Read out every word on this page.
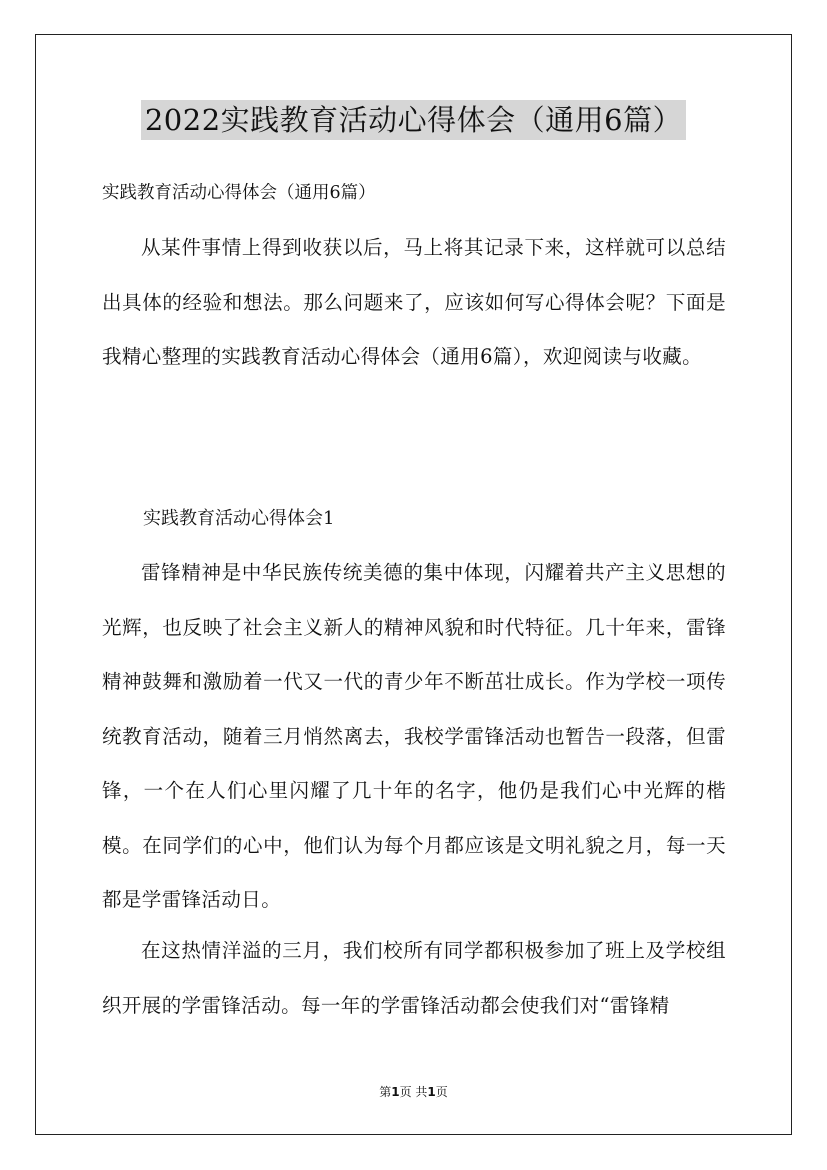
2022实践教育活动心得体会（通用6篇）
实践教育活动心得体会（通用6篇）

从某件事情上得到收获以后，马上将其记录下来，这样就可以总结出具体的经验和想法。那么问题来了，应该如何写心得体会呢？下面是我精心整理的实践教育活动心得体会（通用6篇），欢迎阅读与收藏。

实践教育活动心得体会1

雷锋精神是中华民族传统美德的集中体现，闪耀着共产主义思想的光辉，也反映了社会主义新人的精神风貌和时代特征。几十年来，雷锋精神鼓舞和激励着一代又一代的青少年不断茁壮成长。作为学校一项传统教育活动，随着三月悄然离去，我校学雷锋活动也暂告一段落，但雷锋，一个在人们心里闪耀了几十年的名字，他仍是我们心中光辉的楷模。在同学们的心中，他们认为每个月都应该是文明礼貌之月，每一天都是学雷锋活动日。

在这热情洋溢的三月，我们校所有同学都积极参加了班上及学校组织开展的学雷锋活动。每一年的学雷锋活动都会使我们对“雷锋精

第1页 共1页
